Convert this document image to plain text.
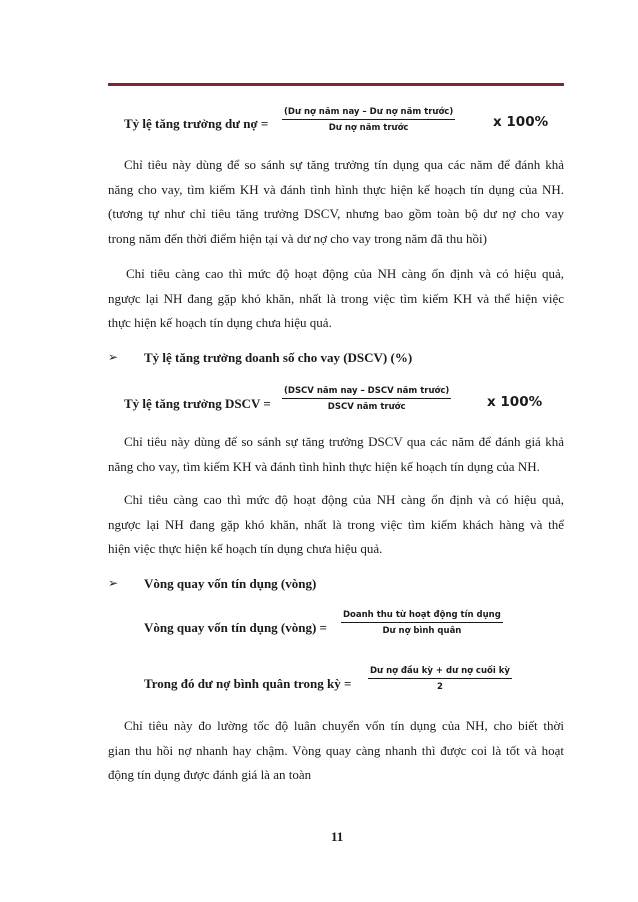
Tỷ lệ tăng trưởng dư nợ =
(Dư nợ năm nay – Dư nợ năm trước)
Dư nợ năm trước	x 100%
Chỉ tiêu này dùng để so sánh sự tăng trưởng tín dụng qua các năm để đánh khả
năng cho vay, tìm kiếm KH và đánh tình hình thực hiện kế hoạch tín dụng của NH.
(tương tự như chỉ tiêu tăng trưởng DSCV, nhưng bao gồm toàn bộ dư nợ cho vay
trong năm đến thời điểm hiện tại và dư nợ cho vay trong năm đã thu hồi)
Chỉ tiêu càng cao thì mức độ hoạt động của NH càng ổn định và có hiệu quả,
ngược lại NH đang gặp khó khăn, nhất là trong việc tìm kiếm KH và thể hiện việc
thực hiện kế hoạch tín dụng chưa hiệu quả.
➢ Tỷ lệ tăng trưởng doanh số cho vay (DSCV) (%)
Tỷ lệ tăng trưởng DSCV =
(DSCV năm nay – DSCV năm trước)
DSCV năm trước	x 100%
Chỉ tiêu này dùng để so sánh sự tăng trưởng DSCV qua các năm để đánh giá khả
năng cho vay, tìm kiếm KH và đánh tình hình thực hiện kế hoạch tín dụng của NH.
Chỉ tiêu càng cao thì mức độ hoạt động của NH càng ổn định và có hiệu quả,
ngược lại NH đang gặp khó khăn, nhất là trong việc tìm kiếm khách hàng và thể
hiện việc thực hiện kế hoạch tín dụng chưa hiệu quả.
➢ Vòng quay vốn tín dụng (vòng)
Vòng quay vốn tín dụng (vòng) =
Doanh thu từ hoạt động tín dụng
Dư nợ bình quân
Trong đó dư nợ bình quân trong kỳ =
Dư nợ đầu kỳ + dư nợ cuối kỳ
2
Chỉ tiêu này đo lường tốc độ luân chuyển vốn tín dụng của NH, cho biết thời
gian thu hồi nợ nhanh hay chậm. Vòng quay càng nhanh thì được coi là tốt và hoạt
động tín dụng được đánh giá là an toàn
11
